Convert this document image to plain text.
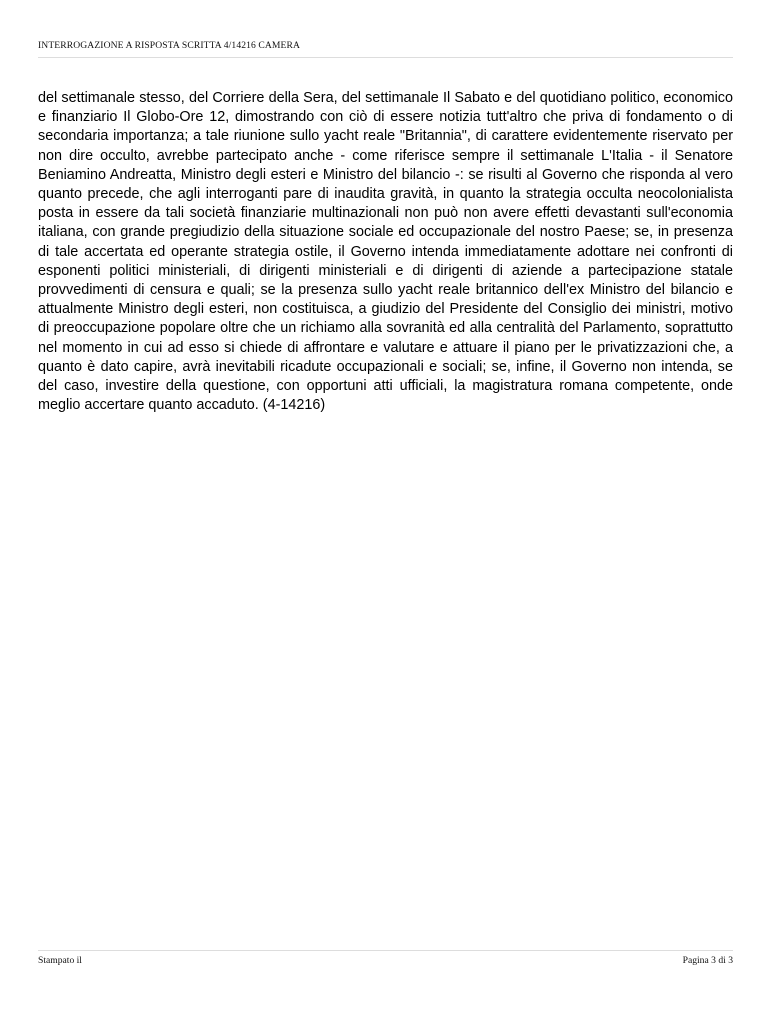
INTERROGAZIONE A RISPOSTA SCRITTA 4/14216 CAMERA

del settimanale stesso, del Corriere della Sera, del settimanale Il Sabato e del quotidiano politico, economico e finanziario Il Globo-Ore 12, dimostrando con ciò di essere notizia tutt'altro che priva di fondamento o di secondaria importanza; a tale riunione sullo yacht reale "Britannia", di carattere evidentemente riservato per non dire occulto, avrebbe partecipato anche - come riferisce sempre il settimanale L'Italia - il Senatore Beniamino Andreatta, Ministro degli esteri e Ministro del bilancio -: se risulti al Governo che risponda al vero quanto precede, che agli interroganti pare di inaudita gravità, in quanto la strategia occulta neocolonialista posta in essere da tali società finanziarie multinazionali non può non avere effetti devastanti sull'economia italiana, con grande pregiudizio della situazione sociale ed occupazionale del nostro Paese; se, in presenza di tale accertata ed operante strategia ostile, il Governo intenda immediatamente adottare nei confronti di esponenti politici ministeriali, di dirigenti ministeriali e di dirigenti di aziende a partecipazione statale provvedimenti di censura e quali; se la presenza sullo yacht reale britannico dell'ex Ministro del bilancio e attualmente Ministro degli esteri, non costituisca, a giudizio del Presidente del Consiglio dei ministri, motivo di preoccupazione popolare oltre che un richiamo alla sovranità ed alla centralità del Parlamento, soprattutto nel momento in cui ad esso si chiede di affrontare e valutare e attuare il piano per le privatizzazioni che, a quanto è dato capire, avrà inevitabili ricadute occupazionali e sociali; se, infine, il Governo non intenda, se del caso, investire della questione, con opportuni atti ufficiali, la magistratura romana competente, onde meglio accertare quanto accaduto. (4-14216)

Stampato il	Pagina 3 di 3
